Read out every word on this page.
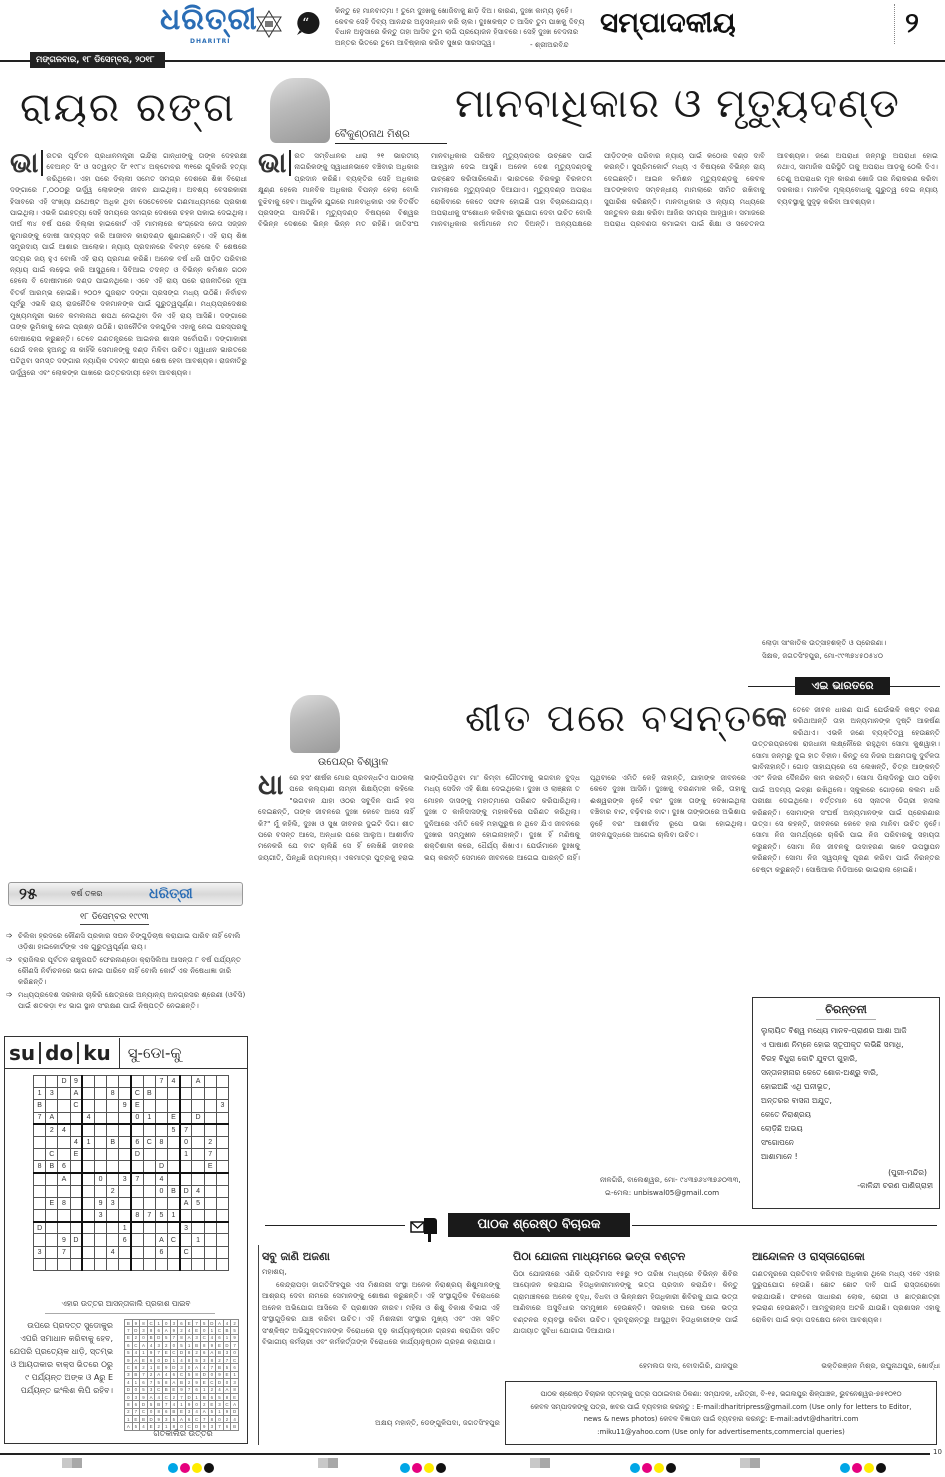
ଧରିତ୍ରୀ
DHARITRI
ମଙ୍ଗଳବାର, ୧୮ ଡିସେମ୍ବର, ୨୦୧୮
“
କିନ୍ତୁ ହେ ମାନବାତ୍ମା ! ତୁମେ ଦୁଃଖକୁ ଖୋଜିବାକୁ ଛାଡ଼ି ଦିଅ। କାରଣ, ଦୁଃଖ କାମ୍ୟ ନୁହେଁ। କେବଳ ସେହି ଦିବ୍ୟ ଆନନ୍ଦର ଅନୁସନ୍ଧାନ କରି ଚାଲ। ଦୁଃଖକଷ୍ଟ ତ ଆସିବ ତୁମ ପାଖକୁ ଦିବ୍ୟ ବିଧାନ ଅନୁସାରେ କିନ୍ତୁ ତାହା ଆସିବ ତୁମ ଲାଗି ପ୍ରୟୋଜନ ହିସାବରେ। ସେହି ଦୁଃଖ ବେଦନାର ଅନ୍ତର ଭିତରେ ତୁମେ ଆବିଷ୍କାର କରିବ ସୁଖର ସାରସତ୍ତ୍ୱ।	- ଶ୍ରୀଅରବିନ୍ଦ
ସମ୍ପାଦକୀୟ	୨
ରାୟର ରଙ୍ଗ
ଭା	ରତର ପୂର୍ବତନ ପ୍ରଧାନମନ୍ତ୍ରୀ ଇନ୍ଦିରା ଗାନ୍ଧୀଙ୍କୁ ତାଙ୍କ ଦେହରକ୍ଷୀ ବେଅନ୍ତ ସିଂ ଓ ସତ୍ୱନ୍ତ ସିଂ ୧୯୮୪ ଅକ୍ଟୋବର ୩୧ରେ ଗୁଳିକରି ହତ୍ୟା କରିଥିଲେ। ଏହା ପରେ ଦିଲ୍ଲୀ ସମେତ ସମଗ୍ର ଦେଶରେ ଶିଖ ବିରୋଧୀ ଦଙ୍ଗାରେ ୮,୦୦୦ରୁ ଊର୍ଦ୍ଧ୍ୱ ଲୋକଙ୍କ ଜୀବନ ଯାଇଥିଲା। ଅବଶ୍ୟ ବେସରକାରୀ ହିସାବରେ ଏହି ସଂଖ୍ୟା ଯଥେଷ୍ଟ ଅଧିକ ଥିବା ସେତେବେଳେ ଗଣମାଧ୍ୟମରେ ପ୍ରକାଶ ପାଇଥିଲା। ଏଭଳି ଗଣହତ୍ୟା ସେହି ସମୟରେ ସମଗ୍ର ଦେଶରେ ଚହଳ ପକାଇ ଦେଇଥିଲା। ଦୀର୍ଘ ୩୪ ବର୍ଷ ପରେ ଦିଲ୍ଲୀ ହାଇକୋର୍ଟ ଏହି ମାମଲାରେ କଂଗ୍ରେସ ନେତା ସଜ୍ଜନ କୁମାରଙ୍କୁ ଦୋଷୀ ସାବ୍ୟସ୍ତ କରି ଆଜୀବନ କାରାଦଣ୍ଡ ଶୁଣାଇଛନ୍ତି। ଏହି ରାୟ ଶିଖ ସମ୍ପ୍ରଦାୟ ପାଇଁ ଆଶାର ଆଲୋକ। ନ୍ୟାୟ ପ୍ରଦାନରେ ବିଳମ୍ବ ହେଲେ ବି ଶେଷରେ ସତ୍ୟର ଜୟ ହୁଏ ବୋଲି ଏହି ରାୟ ପ୍ରମାଣ କରିଛି। ଅନେକ ବର୍ଷ ଧରି ପୀଡ଼ିତ ପରିବାର ନ୍ୟାୟ ପାଇଁ ଲଢ଼େଇ କରି ଆସୁଥିଲେ। ସିବିଆଇ ତଦନ୍ତ ଓ ବିଭିନ୍ନ କମିଶନ ଗଠନ ହେଲେ ବି ଦୋଷୀମାନେ ଦଣ୍ଡ ପାଇନଥିଲେ। ଏବେ ଏହି ରାୟ ପରେ ରାଜନୀତିରେ ନୂଆ ବିତର୍କ ଆରମ୍ଭ ହୋଇଛି। ୨୦୦୨ ଗୁଜରାଟ ଦଙ୍ଗା ପ୍ରସଙ୍ଗ ମଧ୍ୟ ଉଠିଛି। ନିର୍ବାଚନ ପୂର୍ବରୁ ଏଭଳି ରାୟ ରାଜନୈତିକ ଦଳମାନଙ୍କ ପାଇଁ ଗୁରୁତ୍ୱପୂର୍ଣ୍ଣ। ମଧ୍ୟପ୍ରଦେଶର ମୁଖ୍ୟମନ୍ତ୍ରୀ ଭାବେ କମଲନାଥ ଶପଥ ନେଇଥିବା ଦିନ ଏହି ରାୟ ଆସିଛି। ଦଙ୍ଗାରେ ତାଙ୍କ ଭୂମିକାକୁ ନେଇ ପ୍ରଶ୍ନ ଉଠିଛି। ରାଜନୈତିକ ଦଳଗୁଡ଼ିକ ଏହାକୁ ନେଇ ପରସ୍ପରକୁ ଦୋଷାରୋପ କରୁଛନ୍ତି। ତେବେ ଗଣତନ୍ତ୍ରରେ ଆଇନର ଶାସନ ସର୍ବୋପରି। ଦଙ୍ଗାକାରୀ ଯେଉଁ ଦଳର ହୁଅନ୍ତୁ ନା କାହିଁକି ସେମାନଙ୍କୁ ଦଣ୍ଡ ମିଳିବା ଉଚିତ। ସ୍ୱାଧୀନ ଭାରତରେ ଘଟିଥିବା ସମସ୍ତ ଦଙ୍ଗାର ନ୍ୟାୟିକ ତଦନ୍ତ ଶୀଘ୍ର ଶେଷ ହେବା ଆବଶ୍ୟକ। ରାଜନୀତିରୁ ଊର୍ଦ୍ଧ୍ୱରେ ଏବଂ ଲୋକଙ୍କ ପାଖରେ ଉତ୍ତରଦାୟୀ ହେବା ଆବଶ୍ୟକ।
୨୫	ବର୍ଷ ତଳର	ଧରିତ୍ରୀ
୧୮ ଡିସେମ୍ବର ୧୯୯୩
➩ ଚିଲିକା ହ୍ରଦରେ କୌଣସି ପ୍ରକାର ସଘନ ଚିଙ୍ଗୁଡ଼ିଚାଷ କରାଯାଇ ପାରିବ ନାହିଁ ବୋଲି ଓଡ଼ିଶା ହାଇକୋର୍ଟଙ୍କ ଏକ ଗୁରୁତ୍ୱପୂର୍ଣ୍ଣ ରାୟ।
➩ ବ୍ରାଜିଲର ପୂର୍ବତନ ରାଷ୍ଟ୍ରପତି ଫେରନାଣ୍ଡୋ କ୍ରାସିଲିଆ ଆସନ୍ତା ୮ ବର୍ଷ ପର୍ଯ୍ୟନ୍ତ କୌଣସି ନିର୍ବାଚନରେ ଭାଗ ନେଇ ପାରିବେ ନାହିଁ ବୋଲି କୋର୍ଟ ଏକ ନିଷେଧାଜ୍ଞା ଜାରି କରିଛନ୍ତି।
➩ ମଧ୍ୟପ୍ରଦେଶ ସରକାର ଚାକିରି କ୍ଷେତ୍ରରେ ଅନ୍ୟାନ୍ୟ ଅନଗ୍ରସର ଶ୍ରେଣୀ (ଓବିସି) ପାଇଁ ଶତକଡ଼ା ୧୪ ଭାଗ ସ୍ଥାନ ସଂରକ୍ଷଣ ପାଇଁ ନିଷ୍ପତ୍ତି ନେଇଛନ୍ତି।
su do ku ସୁ-ଡୋ-କୁ
		D	9							7	4		A		
1	3		A			8		C	B						
B			C				9	E							3
7	A			4				0	1		E		D		
	2	4									5	7			
			4	1		B		6	C	8		0		2	
	C		E					D				1		7	
8	B	6								D				E	
		A			0		3	7		4					
						2				0	B	D	4		
	E	8			9	3						A	5		
					3			8	7	5	1				
D							1					3			
		9	D				6			A	C		1		
3		7				4				6		C			

ଏହାର ଉତ୍ତର ଆସନ୍ତାକାଲି ପ୍ରକାଶ ପାଇବ
ଉପରେ ପ୍ରଦତ୍ତ ସୁଡୋକୁର ଏପରି ସମାଧାନ କରିବାକୁ ହେବ, ଯେପରି ପ୍ରତ୍ୟେକ ଧାଡ଼ି, ସ୍ତମ୍ଭ ଓ ଆୟତାକାର ବାକ୍ସ ଭିତରେ ୦ରୁ ୯ ପର୍ଯ୍ୟନ୍ତ ଅଙ୍କ ଓ Aରୁ E ପର୍ଯ୍ୟନ୍ତ ଇଂଲିଶ ଲିପି ରହିବ।
B	9	8	C	1	0	3	6	E	7	5	D	A	4	2
7	D	3	8	6	A	9	2	4	E	0	1	C	B	5
E	2	0	B	D	5	7	8	A	3	C	4	6	1	9
6	C	A	4	3	2	0	5	1	B	8	9	E	D	7
5	4	1	9	7	E	C	D	8	2	6	A	B	3	0
9	A	E	6	0	D	1	4	8	5	3	8	2	7	C
C	8	2	1	E	9	D	3	0	A	4	7	B	5	6
3	B	7	2	A	4	6	C	5	8	D	0	9	E	1
4	1	6	7	5	8	A	B	2	9	E	C	D	0	3
D	0	5	3	C	B	E	9	7	6	1	2	4	A	8
0	3	9	A	4	C	2	7	D	1	B	6	5	8	E
8	6	D	5	B	7	4	1	9	0	2	E	3	C	A
2	7	C	0	8	6	B	E	3	4	A	5	1	9	D
1	E	B	D	9	3	5	A	6	C	7	8	0	2	4
A	5	4	E	2	1	8	0	C	D	9	3	7	6	B
ଗତକାଲିର ଉତ୍ତର
ବୈକୁଣ୍ଠନାଥ ମିଶ୍ର
ମାନବାଧିକାର ଓ ମୃତ୍ୟୁଦଣ୍ଡ
ଭା	ରତ ସମ୍ବିଧାନର ଧାରା ୨୧ ଭାରତୀୟ ନାଗରିକଙ୍କୁ ସ୍ୱାଧୀନଭାବେ ବଞ୍ଚିବାର ଅଧିକାର ପ୍ରଦାନ କରିଛି। ବ୍ୟକ୍ତିର ସେହି ଅଧିକାର କ୍ଷୁଣ୍ଣ ହେଲେ ମାନବିକ ଅଧିକାର ବିପନ୍ନ ହେଲା ବୋଲି ବୁଝିବାକୁ ହେବ। ଆଧୁନିକ ଯୁଗରେ ମାନବାଧିକାର ଏକ ବିତର୍କିତ ପ୍ରସଙ୍ଗ ପାଲଟିଛି। ମୃତ୍ୟୁଦଣ୍ଡ ବିଷୟରେ ବିଶ୍ୱର ବିଭିନ୍ନ ଦେଶରେ ଭିନ୍ନ ଭିନ୍ନ ମତ ରହିଛି। ଜାତିସଂଘ ମାନବାଧିକାର ପରିଷଦ ମୃତ୍ୟୁଦଣ୍ଡର ଉଚ୍ଛେଦ ପାଇଁ ଆହ୍ୱାନ ଦେଇ ଆସୁଛି। ଅନେକ ଦେଶ ମୃତ୍ୟୁଦଣ୍ଡକୁ ଉଚ୍ଛେଦ କରିସାରିଲେଣି। ଭାରତରେ ବିରଳରୁ ବିରଳତମ ମାମଲାରେ ମୃତ୍ୟୁଦଣ୍ଡ ଦିଆଯାଏ। ମୃତ୍ୟୁଦଣ୍ଡ ଅପରାଧ ରୋକିବାରେ କେତେ ସଫଳ ହୋଇଛି ତାହା ବିଚାରଯୋଗ୍ୟ। ଅପରାଧୀକୁ ସଂଶୋଧନ କରିବାର ସୁଯୋଗ ଦେବା ଉଚିତ ବୋଲି ମାନବାଧିକାର କର୍ମୀମାନେ ମତ ଦିଅନ୍ତି। ଅନ୍ୟପକ୍ଷରେ ପୀଡ଼ିତଙ୍କ ପରିବାର ନ୍ୟାୟ ପାଇଁ କଠୋର ଦଣ୍ଡ ଦାବି କରନ୍ତି। ସୁପ୍ରିମକୋର୍ଟ ମଧ୍ୟ ଏ ବିଷୟରେ ବିଭିନ୍ନ ରାୟ ଦେଇଛନ୍ତି। ଆଇନ କମିଶନ ମୃତ୍ୟୁଦଣ୍ଡକୁ କେବଳ ଆତଙ୍କବାଦ ସମ୍ବନ୍ଧୀୟ ମାମଲାରେ ସୀମିତ ରଖିବାକୁ ସୁପାରିଶ କରିଛନ୍ତି। ମାନବାଧିକାର ଓ ନ୍ୟାୟ ମଧ୍ୟରେ ସନ୍ତୁଳନ ରକ୍ଷା କରିବା ଆଜିର ସମୟର ଆହ୍ୱାନ। ସମାଜରେ ଅପରାଧ ପ୍ରବଣତା କମାଇବା ପାଇଁ ଶିକ୍ଷା ଓ ସଚେତନତା ଆବଶ୍ୟକ। ଜଣେ ଅପରାଧୀ ଜନ୍ମରୁ ଅପରାଧୀ ହୋଇ ନଥାଏ, ସାମାଜିକ ପରିସ୍ଥିତି ତାକୁ ଅପରାଧ ଆଡ଼କୁ ଠେଲି ଦିଏ। ତେଣୁ ଅପରାଧର ମୂଳ କାରଣ ଖୋଜି ତାର ନିରାକରଣ କରିବା ଦରକାର। ମାନବିକ ମୂଲ୍ୟବୋଧକୁ ଗୁରୁତ୍ୱ ଦେଇ ନ୍ୟାୟ ବ୍ୟବସ୍ଥାକୁ ସୁଦୃଢ଼ କରିବା ଆବଶ୍ୟକ।
ଲୋଡ଼ା ସାଂକାତିକ ଉତ୍ସାହଶକ୍ତି ଓ ପ୍ରେରଣା।
ସିକ୍ଷକ, ଜଗତସିଂହପୁର, ମୋ-୯୯୩୭୪୫୦୫୪୦
ଏଇ ଭାରତରେ
କେ ତେବେ ଜୀବନ ଧାରଣ ପାଇଁ ଯେଉଁଭଳି କଷ୍ଟ ବରଣ କରିଥାଆନ୍ତି ତାହା ଅନ୍ୟମାନଙ୍କ ଦୃଷ୍ଟି ଆକର୍ଷଣ କରିଥାଏ। ଏଭଳି ଜଣେ ବ୍ୟକ୍ତିତ୍ୱ ହେଉଛନ୍ତି ଉତ୍ତରପ୍ରଦେଶ ରାଜଧାନୀ ଲକ୍ଷ୍ନୌରେ ରହୁଥିବା ସୋମା କୁଶୱାହା। ସୋମା ଜନ୍ମରୁ ଦୁଇ ହାତ ବିହୀନ। କିନ୍ତୁ ସେ ନିଜର ଅକ୍ଷମତାକୁ ଦୁର୍ବଳତା ଭାବିନାହାନ୍ତି। ଗୋଡ଼ ସାହାଯ୍ୟରେ ସେ ଲେଖନ୍ତି, ଚିତ୍ର ଆଙ୍କନ୍ତି ଏବଂ ନିଜର ଦୈନନ୍ଦିନ କାମ କରନ୍ତି। ସୋମା ପିଲାଦିନରୁ ପାଠ ପଢ଼ିବା ପାଇଁ ଅଦମ୍ୟ ଇଚ୍ଛା ରଖିଥିଲେ। ସ୍କୁଲରେ ଗୋଡ଼ରେ କଲମ ଧରି ପରୀକ୍ଷା ଦେଇଥିଲେ। ବର୍ତ୍ତମାନ ସେ ସ୍ନାତକ ଡିଗ୍ରୀ ହାସଲ କରିଛନ୍ତି। ସୋମାଙ୍କ ସଂଘର୍ଷ ଅନ୍ୟମାନଙ୍କ ପାଇଁ ପ୍ରେରଣାର ଉତ୍ସ। ସେ କହନ୍ତି, ଜୀବନରେ କେବେ ହାର ମାନିବା ଉଚିତ ନୁହେଁ। ସୋମା ନିଜ ସାମର୍ଥ୍ୟରେ ଚାକିରି ପାଇ ନିଜ ପରିବାରକୁ ସହାୟତା କରୁଛନ୍ତି। ସୋମା ନିଜ ଜୀବନକୁ ଉଦାହରଣ ଭାବେ ଉପସ୍ଥାପନ କରିଛନ୍ତି। ସୋମା ନିଜ ସ୍ୱପ୍ନକୁ ପୂରଣ କରିବା ପାଇଁ ନିରନ୍ତର ଚେଷ୍ଟା କରୁଛନ୍ତି। ସୋଷିଆଲ ମିଡିଆରେ ଭାଇରାଲ ହୋଇଛି।
ଚିରନ୍ତନୀ
ଲୁଲାୟିତ ବିଶ୍ୱ ମଧ୍ୟେ ମାନବ-ପ୍ରାଣର ଆଶା ଆଜି
ଏ ପାଷାଣ ନିମ୍ନେ ହୋଇ ସ୍ତୂପୀକୃତ ଲଭିଛି ସମାଧି,
ବିରହ ବିଧୁରା କୋଟି ଯୁବତୀ ଗୁହାରି,
ସନ୍ତାନହୀନାର କେତେ ଶୋକ-ଅଶ୍ରୁ ବାରି,
ହୋଇଅଛି ଏଥି ଘନୀଭୂତ,
ଅନ୍ତରର ବାସନା ଅଯୁତ,
କେତେ ନିରାଶ୍ରୟ
ଲୋଡ଼ିଛି ଅଭୟ
ସଂଗୋପନେ
ଆଶାମାନେ !
(ପୁରୀ-ମନ୍ଦିର)
-କାଳିନ୍ଦୀ ଚରଣ ପାଣିଗ୍ରାହୀ
ଉପେନ୍ଦ୍ର ବିଶ୍ୱାଳ
ଶୀତ ପରେ ବସନ୍ତ
ଧା ରେ ହସ' ଶୀର୍ଷକ ମୋର ପ୍ରବନ୍ଧଟିଏ ପାଠକଲା ପରେ କଲ୍ୟାଣୀ ନାମ୍ନୀ ଶିକ୍ଷୟିତ୍ରୀ କହିଲେ "ଭଗବାନ ଯାହା ଓଠର ସବୁଦିନ ପାଇଁ ହସ ଦେଇଛନ୍ତି, ତାଙ୍କ ଜୀବନରେ ଦୁଃଖ କେବେ ଆସେ ନାହିଁ କି?" ମୁଁ କହିଲି, ଦୁଃଖ ଓ ସୁଖ ଜୀବନର ଦୁଇଟି ଦିଗ। ଶୀତ ପରେ ବସନ୍ତ ଆସେ, ଅନ୍ଧାର ପରେ ଆଲୁଅ। ଆଶୀର୍ବାଦ ମନେକରି ଯେ ବାଟ ଚାଲିଛି ସେ ହିଁ ଲେଖିଛି ଜୀବନର ଜୟଗୀତି, ପିନ୍ଧିଛି ଜୟମାଳ୍ୟ। ଏକମାତ୍ର ପୁତ୍ରକୁ ହରାଇ ଭାଙ୍ଗିପଡ଼ିଥିବା ମା' କିମ୍ବା ଗୌତମୀକୁ ଭଗବାନ ବୁଦ୍ଧ ମଧ୍ୟ ସେଦିନ ଏହି ଶିକ୍ଷା ଦେଇଥିଲେ। ଦୁଃଖ ଓ ଲାଞ୍ଛନା ତ ମୋହନ ଦାସଙ୍କୁ ମହାତ୍ମାରେ ପରିଣତ କରିପାରିଥିଲା। ଦୁଃଖ ତ କାଳିଦାସଙ୍କୁ ମହାକବିରେ ପରିଣତ କରିଥିଲା। ଦୁନିଆରେ ଏମିତି କେହି ମହାପୁରୁଷ ନ ଥିବେ ଯିଏ ଜୀବନରେ ଦୁଃଖର ସମ୍ମୁଖୀନ ହୋଇନାହାନ୍ତି। ଦୁଃଖ ହିଁ ମଣିଷକୁ ଶକ୍ତିଶାଳୀ କରେ, ଧୈର୍ଯ୍ୟ ଶିଖାଏ। ଯେଉଁମାନେ ଦୁଃଖକୁ ଭୟ କରନ୍ତି ସେମାନେ ଜୀବନରେ ଆଗେଇ ପାରନ୍ତି ନାହିଁ। ପୃଥିବୀରେ ଏମିତି କେହି ନାହାନ୍ତି, ଯାହାଙ୍କ ଜୀବନରେ କେବେ ଦୁଃଖ ଆସିନି। ଦୁଃଖକୁ ବରଣମାଳ କରି, ତାହାକୁ ଈଶ୍ୱରଙ୍କ ନୁହେଁ ବରଂ ଦୁଃଖ ତାଙ୍କୁ ଦେଖାଇଥିଲା ବଞ୍ଚିବାର ବାଟ, ବଢ଼ିବାର ବାଟ। ଦୁଃଖ ତାଙ୍କଠାରେ ଅଭିଶାପ ନୁହେଁ ବରଂ ଆଶୀର୍ବାଦ ରୂପେ ଉଭା ହୋଇଥିଲା। ଜୀବନଯୁଦ୍ଧରେ ଆଗେଇ ଚାଲିବା ଉଚିତ।
ନୀଳଗିରି, ବାଲେଶ୍ୱର, ମୋ- ୯୪୩୭୬୪୩୭୬୦୩୩,
ଇ-ମେଲ: unbiswal05@gmail.com
ପାଠକ ଶ୍ରେଷ୍ଠ ବିଚାରକ
ସବୁ ଜାଣି ଅଜଣା
ମହାଶୟ,
କେନ୍ଦ୍ରାପଡ଼ା ଜାଗତିସିଂହପୁର ଏସ ମିଶନାରୀ ସଂସ୍ଥା ଅନେକ ନିରାଶ୍ରୟ ଶିଶୁମାନଙ୍କୁ ଆଶ୍ରୟ ଦେବା ନାମରେ ସେମାନଙ୍କୁ ଶୋଷଣ କରୁଛନ୍ତି। ଏହି ସଂସ୍ଥାଗୁଡ଼ିକ ବିରୋଧରେ ଅନେକ ଅଭିଯୋଗ ଆସିଲେ ବି ପ୍ରଶାସନ ନୀରବ। ମହିଳା ଓ ଶିଶୁ ବିକାଶ ବିଭାଗ ଏହି ସଂସ୍ଥାଗୁଡ଼ିକର ଯାଞ୍ଚ କରିବା ଉଚିତ। ଏହି ମିଶନାରୀ ସଂସ୍ଥାର ମୁଖ୍ୟ ଏବଂ ଏହା ସହିତ ସଂଶ୍ଳିଷ୍ଟ ଅଭିଯୁକ୍ତମାନଙ୍କ ବିରୋଧରେ ଦୃଢ଼ କାର୍ଯ୍ୟାନୁଷ୍ଠାନ ଗ୍ରହଣ କରାଯିବା ସହିତ ବିଭାଗୀୟ କର୍ମଚାରୀ ଏବଂ କର୍ମକର୍ତ୍ତାଙ୍କ ବିରୋଧରେ କାର୍ଯ୍ୟାନୁଷ୍ଠାନ ଗ୍ରହଣ କରାଯାଉ।
ଅକ୍ଷୟ ମହାନ୍ତି, ଡେଙ୍ଗୁଳିପଦା, ଜଗତସିଂହପୁର
ପିଠା ଯୋଜନା ମାଧ୍ୟମରେ ଭତ୍ତା ବଣ୍ଟନ
ପିଠା ଯୋଜନାରେ ଏଣିକି ପ୍ରତିମାସ ୧୫ରୁ ୨୦ ତାରିଖ ମଧ୍ୟରେ ବିଭିନ୍ନ ଶିବିର ଆୟୋଜନ କରାଯାଇ ହିତାଧିକାରୀମାନଙ୍କୁ ଭତ୍ତା ପ୍ରଦାନ କରାଯିବ। କିନ୍ତୁ ଗ୍ରାମାଞ୍ଚଳରେ ଅନେକ ବୃଦ୍ଧ, ବିଧବା ଓ ଭିନ୍ନକ୍ଷମ ହିତାଧିକାରୀ ଶିବିରକୁ ଯାଇ ଭତ୍ତା ଆଣିବାରେ ଅସୁବିଧାର ସମ୍ମୁଖୀନ ହେଉଛନ୍ତି। ସରକାର ଘରେ ଘରେ ଭତ୍ତା ବଣ୍ଟନର ବ୍ୟବସ୍ଥା କରିବା ଉଚିତ। ଦୂରଦୂରାନ୍ତରୁ ଆସୁଥିବା ହିତାଧିକାରୀଙ୍କ ପାଇଁ ଯାତାୟାତ ସୁବିଧା ଯୋଗାଇ ଦିଆଯାଉ।
ହେମଲତା ଦାସ, ବୋଦାଗିରି, ଯାଜପୁର
ଆନ୍ଦୋଳନ ଓ ରାସ୍ତାରୋକୋ
ଗଣତନ୍ତ୍ରରେ ପ୍ରତିବାଦ କରିବାର ଅଧିକାର ଥିଲେ ମଧ୍ୟ ଏବେ ଏହାର ଦୁରୁପଯୋଗ ହେଉଛି। ଛୋଟ ଛୋଟ ଦାବି ପାଇଁ ରାସ୍ତାରୋକୋ କରାଯାଉଛି। ଫଳରେ ସାଧାରଣ ଲୋକ, ରୋଗୀ ଓ ଛାତ୍ରଛାତ୍ରୀ ହଇରାଣ ହେଉଛନ୍ତି। ଆମ୍ବୁଲାନ୍ସ ଅଟକି ଯାଉଛି। ପ୍ରଶାସନ ଏହାକୁ ରୋକିବା ପାଇଁ କଡ଼ା ପଦକ୍ଷେପ ନେବା ଆବଶ୍ୟକ।
ଭକ୍ତିରଞ୍ଜନ ମିଶ୍ର, ରଘୁନାଥପୁର, ଖୋର୍ଦ୍ଧା
ପାଠକ ଶ୍ରେଷ୍ଠ ବିଚାରକ ସ୍ତମ୍ଭକୁ ପତ୍ର ପଠାଇବାର ଠିକଣା: ସମ୍ପାଦକ, ଧରିତ୍ରୀ, ବି-୧୫, ଭଗଲପୁର ଶିଳ୍ପାଞ୍ଚଳ, ଭୁବନେଶ୍ୱର-୭୫୧୦୧୦
କେବଳ ସମ୍ପାଦକଙ୍କୁ ପତ୍ର, ଖବର ପାଇଁ ବ୍ୟବହାର କରନ୍ତୁ : E-mail:dharitripress@gmail.com (Use only for letters to Editor,
news & news photos) କେବଳ ବିଜ୍ଞାପନ ପାଇଁ ବ୍ୟବହାର କରନ୍ତୁ: E-mail:advt@dharitri.com
:miku11@yahoo.com (Use only for advertisements,commercial queries)
10
